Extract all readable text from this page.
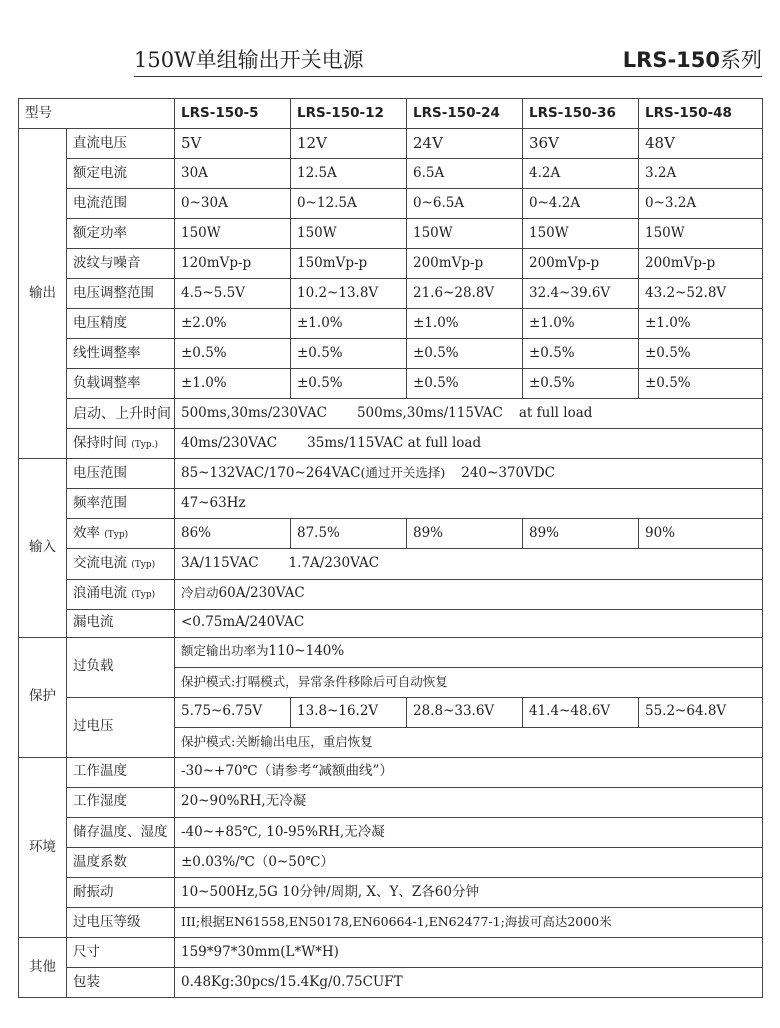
150W单组输出开关电源	LRS-150系列
型号		LRS-150-5	LRS-150-12	LRS-150-24	LRS-150-36	LRS-150-48
输出	直流电压	5V	12V	24V	36V	48V
	额定电流	30A	12.5A	6.5A	4.2A	3.2A
	电流范围	0~30A	0~12.5A	0~6.5A	0~4.2A	0~3.2A
	额定功率	150W	150W	150W	150W	150W
	波纹与噪音	120mVp-p	150mVp-p	200mVp-p	200mVp-p	200mVp-p
	电压调整范围	4.5~5.5V	10.2~13.8V	21.6~28.8V	32.4~39.6V	43.2~52.8V
	电压精度	±2.0%	±1.0%	±1.0%	±1.0%	±1.0%
	线性调整率	±0.5%	±0.5%	±0.5%	±0.5%	±0.5%
	负载调整率	±1.0%	±0.5%	±0.5%	±0.5%	±0.5%
	启动、上升时间	500ms,30ms/230VAC 500ms,30ms/115VAC at full load				
	保持时间 (Typ.)	40ms/230VAC 35ms/115VAC at full load				
输入	电压范围	85~132VAC/170~264VAC(通过开关选择) 240~370VDC				
	频率范围	47~63Hz				
	效率 (Typ)	86%	87.5%	89%	89%	90%
	交流电流 (Typ)	3A/115VAC 1.7A/230VAC				
	浪涌电流 (Typ)	冷启动60A/230VAC				
	漏电流	<0.75mA/240VAC				
保护	过负载	额定输出功率为110~140%				
		保护模式:打嗝模式，异常条件移除后可自动恢复				
	过电压	5.75~6.75V	13.8~16.2V	28.8~33.6V	41.4~48.6V	55.2~64.8V
		保护模式:关断输出电压，重启恢复				
环境	工作温度	-30~+70℃（请参考“减额曲线”）				
	工作湿度	20~90%RH,无冷凝				
	储存温度、湿度	-40~+85℃, 10-95%RH,无冷凝				
	温度系数	±0.03%/℃（0~50℃）				
	耐振动	10~500Hz,5G 10分钟/周期, X、Y、Z各60分钟				
	过电压等级	III;根据EN61558,EN50178,EN60664-1,EN62477-1;海拔可高达2000米				
其他	尺寸	159*97*30mm(L*W*H)				
	包装	0.48Kg:30pcs/15.4Kg/0.75CUFT				
